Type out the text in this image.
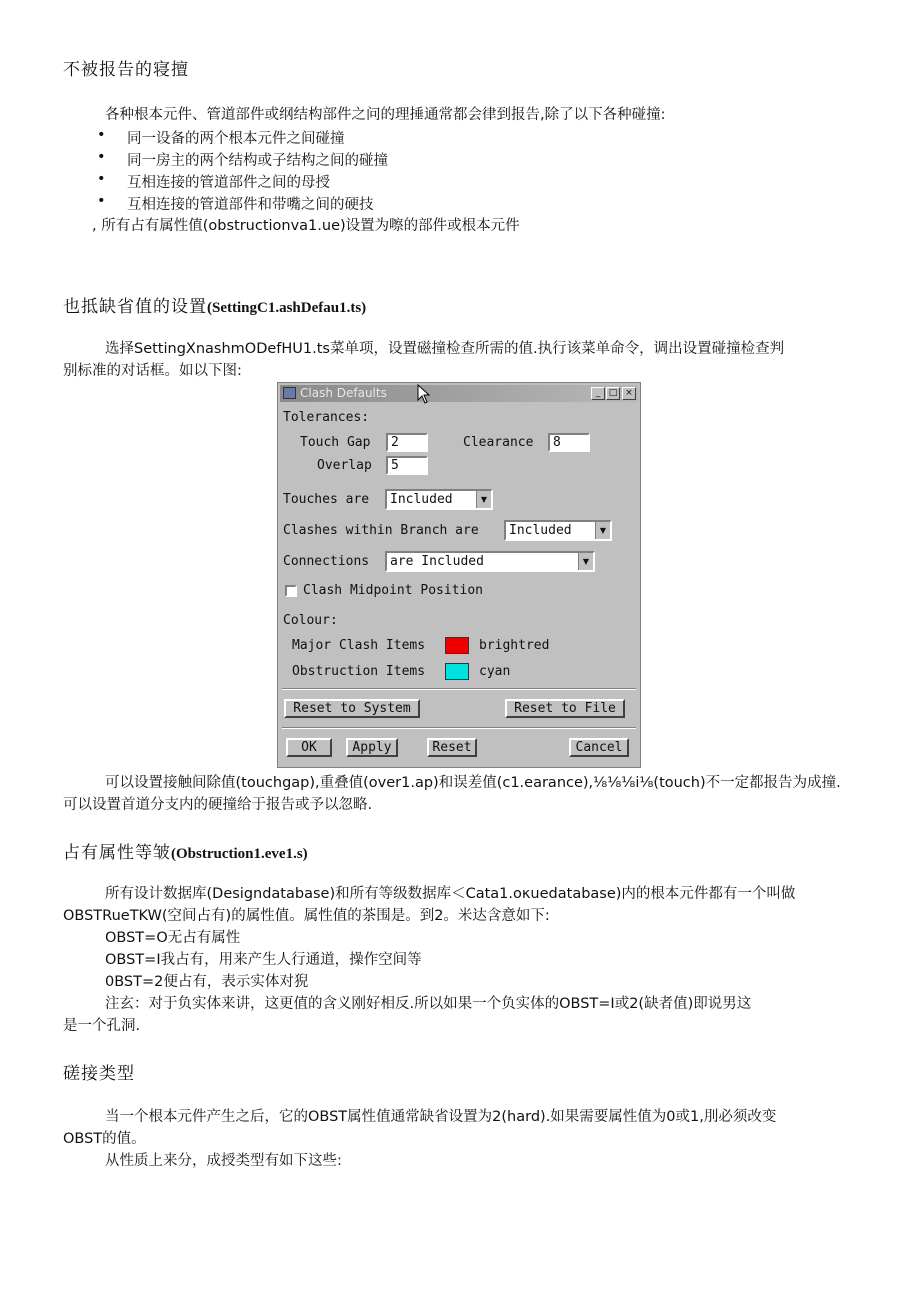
不被报告的寝擅
各种根本元件、管道部件或纲结构部件之问的理捶通常都会律到报告,除了以下各种碰撞:
• 同一设备的两个根本元件之间碰撞
• 同一房主的两个结构或子结构之间的碰撞
• 互相连接的管道部件之间的母授
• 互相连接的管道部件和带嘴之间的硬技
, 所有占有属性值(obstructionva1.ue)设置为嚓的部件或根本元件
也抵缺省值的设置(SettingC1.ashDefau1.ts)
选择SettingXnashmODefHU1.ts菜单项，设置磁撞检查所需的值.执行该菜单命令，调出设置碰撞检查判
别标准的对话框。如以下图:
Clash Defaults	_ □ ×
Tolerances:
Touch Gap	2	Clearance	8
Overlap	5
Touches are	Included	▼
Clashes within Branch are	Included	▼
Connections	are Included	▼
Clash Midpoint Position
Colour:
Major Clash Items	brightred
Obstruction Items	cyan
Reset to System	Reset to File
OK	Apply	Reset	Cancel
可以设置接触间除值(touchgap),重叠值(over1.ap)和误差值(c1.earance),⅛⅛⅛i⅛(touch)不一定都报告为成撞.
可以设置首道分支内的硬撞给于报告或予以忽略.
占有属性等皱(Obstruction1.eve1.s)
所有设计数据库(Designdatabase)和所有等级数据库＜Cata1.oκuedatabase)内的根本元件都有一个叫做
OBSTRueTKW(空间占有)的属性值。属性值的茶围是。到2。米达含意如下:
OBST=O无占有属性
OBST=I我占有，用来产生人行通道，操作空间等
0BST=2便占有，表示实体对猊
注玄：对于负实体来讲，这更值的含义刚好相反.所以如果一个负实体的OBST=I或2(缺者值)即说男这
是一个孔洞.
磋接类型
当一个根本元件产生之后，它的OBST属性值通常缺省设置为2(hard).如果需要属性值为0或1,刖必须改变
OBST的值。
从性质上来分，成授类型有如下这些:
